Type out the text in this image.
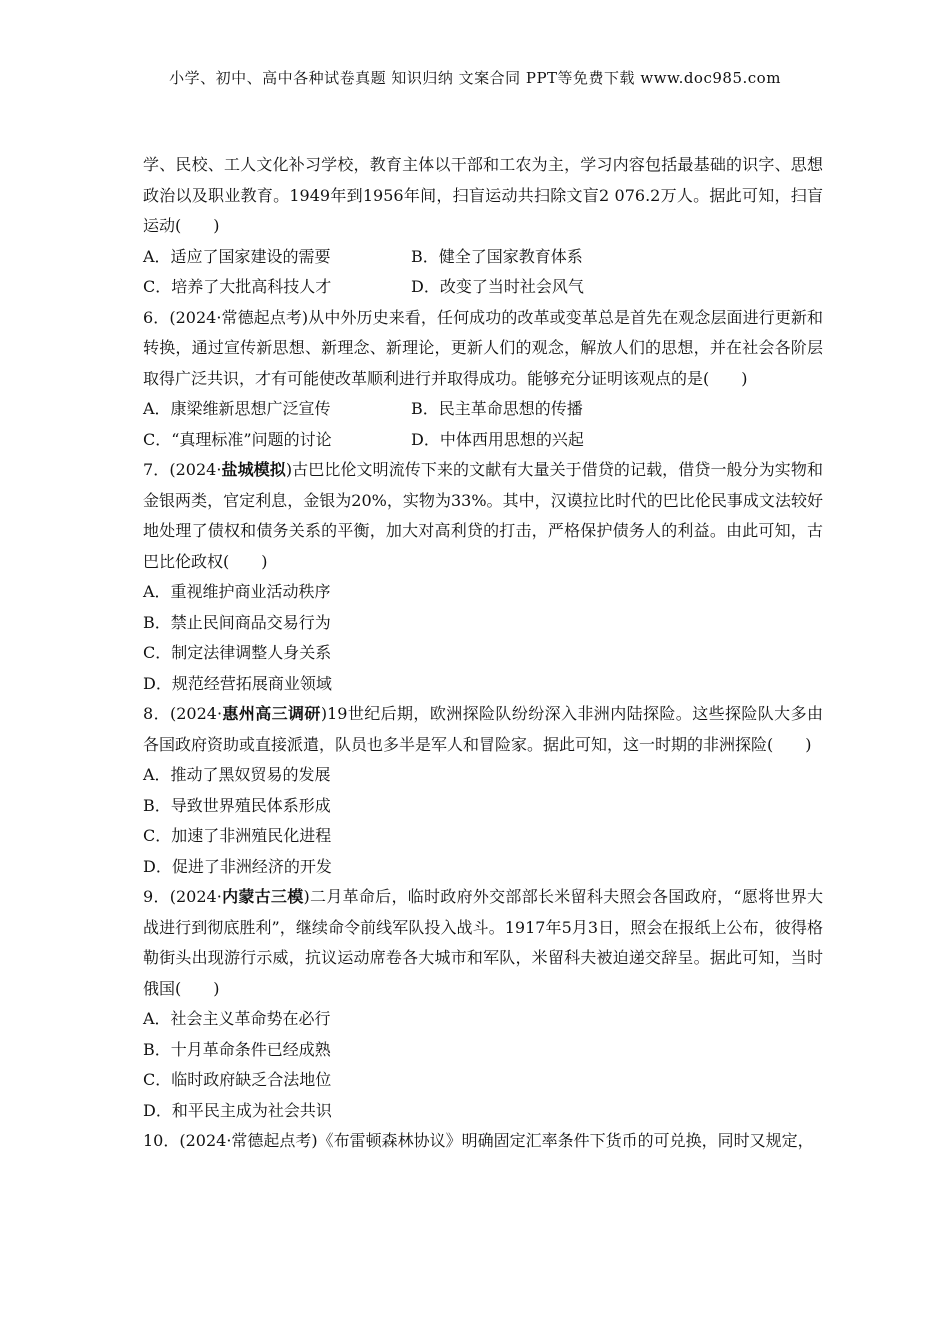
小学、初中、高中各种试卷真题 知识归纳 文案合同 PPT等免费下载 www.doc985.com

学、民校、工人文化补习学校，教育主体以干部和工农为主，学习内容包括最基础的识字、思想政治以及职业教育。1949年到1956年间，扫盲运动共扫除文盲2 076.2万人。据此可知，扫盲运动(　　)

A．适应了国家建设的需要	B．健全了国家教育体系
C．培养了大批高科技人才	D．改变了当时社会风气

6．(2024·常德起点考)从中外历史来看，任何成功的改革或变革总是首先在观念层面进行更新和转换，通过宣传新思想、新理念、新理论，更新人们的观念，解放人们的思想，并在社会各阶层取得广泛共识，才有可能使改革顺利进行并取得成功。能够充分证明该观点的是(　　)

A．康梁维新思想广泛宣传	B．民主革命思想的传播
C．“真理标准”问题的讨论	D．中体西用思想的兴起

7．(2024·盐城模拟)古巴比伦文明流传下来的文献有大量关于借贷的记载，借贷一般分为实物和金银两类，官定利息，金银为20%，实物为33%。其中，汉谟拉比时代的巴比伦民事成文法较好地处理了债权和债务关系的平衡，加大对高利贷的打击，严格保护债务人的利益。由此可知，古巴比伦政权(　　)

A．重视维护商业活动秩序
B．禁止民间商品交易行为
C．制定法律调整人身关系
D．规范经营拓展商业领域

8．(2024·惠州高三调研)19世纪后期，欧洲探险队纷纷深入非洲内陆探险。这些探险队大多由各国政府资助或直接派遣，队员也多半是军人和冒险家。据此可知，这一时期的非洲探险(　　)

A．推动了黑奴贸易的发展
B．导致世界殖民体系形成
C．加速了非洲殖民化进程
D．促进了非洲经济的开发

9．(2024·内蒙古三模)二月革命后，临时政府外交部部长米留科夫照会各国政府，“愿将世界大战进行到彻底胜利”，继续命令前线军队投入战斗。1917年5月3日，照会在报纸上公布，彼得格勒街头出现游行示威，抗议运动席卷各大城市和军队，米留科夫被迫递交辞呈。据此可知，当时俄国(　　)

A．社会主义革命势在必行
B．十月革命条件已经成熟
C．临时政府缺乏合法地位
D．和平民主成为社会共识

10．(2024·常德起点考)《布雷顿森林协议》明确固定汇率条件下货币的可兑换，同时又规定，
